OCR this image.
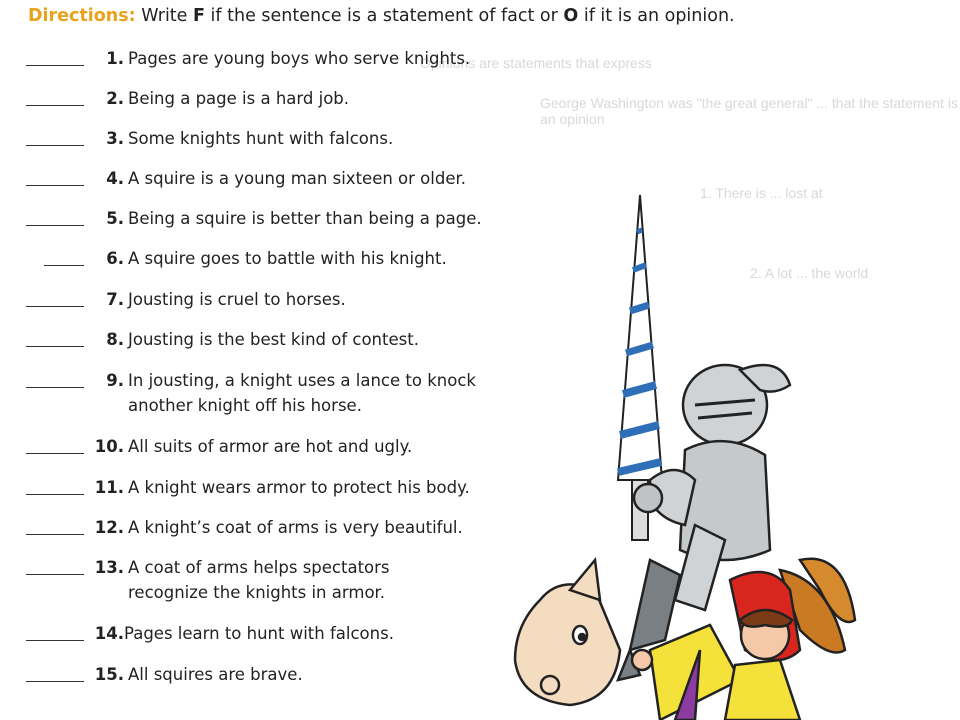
Opinions are statements that express
George Washington was "the great general" ... that the statement is an opinion
1. There is ... lost at
2. A lot ... the world
Directions: Write F if the sentence is a statement of fact or O if it is an opinion.
1. Pages are young boys who serve knights.
2. Being a page is a hard job.
3. Some knights hunt with falcons.
4. A squire is a young man sixteen or older.
5. Being a squire is better than being a page.
6. A squire goes to battle with his knight.
7. Jousting is cruel to horses.
8. Jousting is the best kind of contest.
9. In jousting, a knight uses a lance to knock
another knight off his horse.
10. All suits of armor are hot and ugly.
11. A knight wears armor to protect his body.
12. A knight’s coat of arms is very beautiful.
13. A coat of arms helps spectators
recognize the knights in armor.
14. Pages learn to hunt with falcons.
15. All squires are brave.
